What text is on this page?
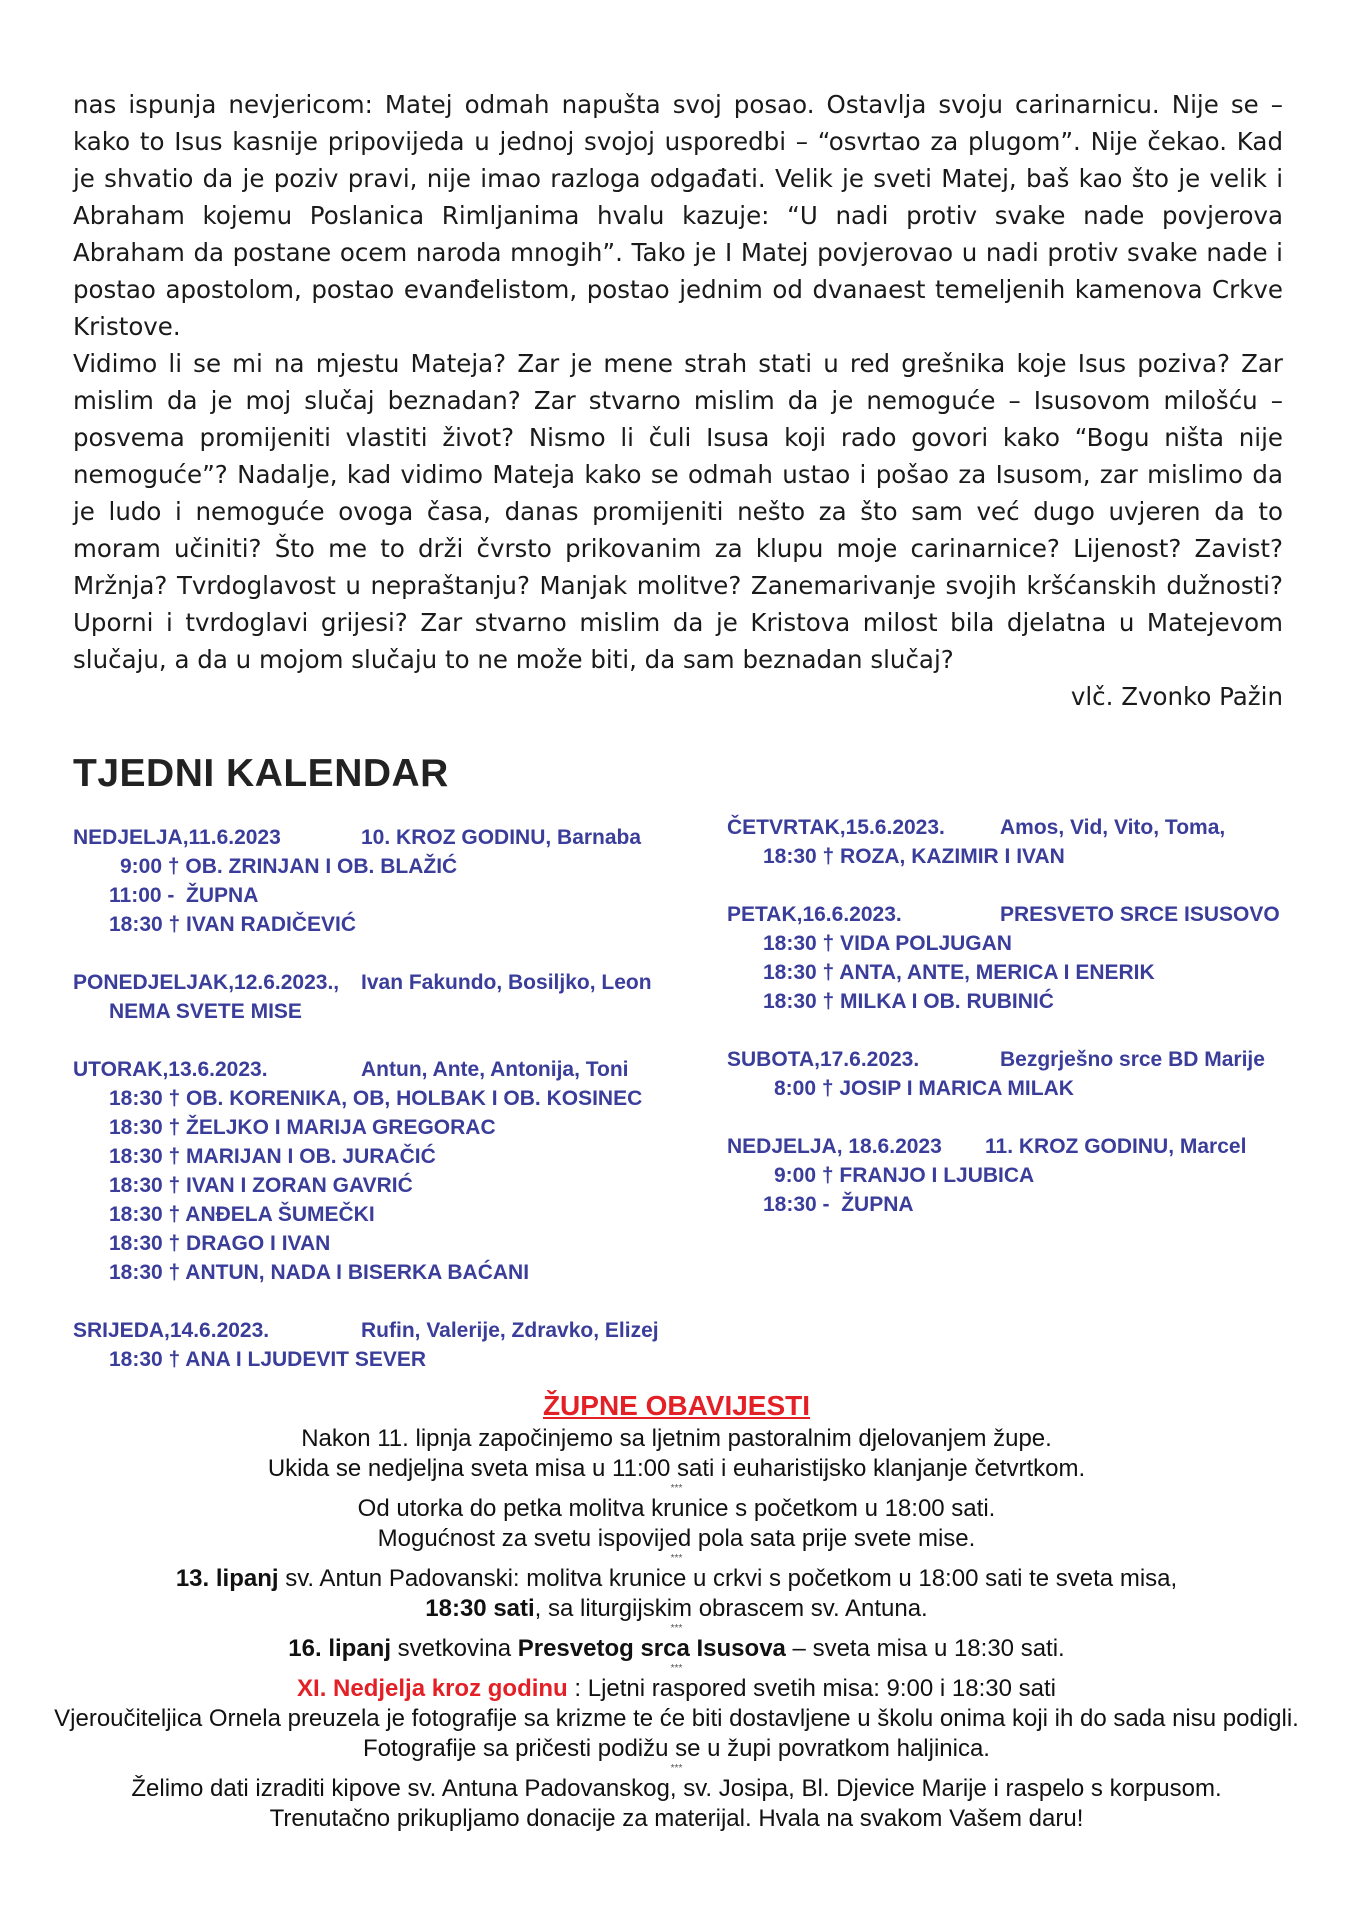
nas ispunja nevjericom: Matej odmah napušta svoj posao. Ostavlja svoju carinarnicu. Nije se – kako to Isus kasnije pripovijeda u jednoj svojoj usporedbi – “osvrtao za plugom”. Nije čekao. Kad je shvatio da je poziv pravi, nije imao razloga odgađati. Velik je sveti Matej, baš kao što je velik i Abraham kojemu Poslanica Rimljanima hvalu kazuje: “U nadi protiv svake nade povjerova Abraham da postane ocem naroda mnogih”. Tako je I Matej povjerovao u nadi protiv svake nade i postao apostolom, postao evanđelistom, postao jednim od dvanaest temeljenih kamenova Crkve Kristove.

Vidimo li se mi na mjestu Mateja? Zar je mene strah stati u red grešnika koje Isus poziva? Zar mislim da je moj slučaj beznadan? Zar stvarno mislim da je nemoguće – Isusovom milošću – posvema promijeniti vlastiti život? Nismo li čuli Isusa koji rado govori kako “Bogu ništa nije nemoguće”? Nadalje, kad vidimo Mateja kako se odmah ustao i pošao za Isusom, zar mislimo da je ludo i nemoguće ovoga časa, danas promijeniti nešto za što sam već dugo uvjeren da to moram učiniti? Što me to drži čvrsto prikovanim za klupu moje carinarnice? Lijenost? Zavist? Mržnja? Tvrdoglavost u nepraštanju? Manjak molitve? Zanemarivanje svojih kršćanskih dužnosti? Uporni i tvrdoglavi grijesi? Zar stvarno mislim da je Kristova milost bila djelatna u Matejevom slučaju, a da u mojom slučaju to ne može biti, da sam beznadan slučaj?

vlč. Zvonko Pažin

TJEDNI KALENDAR
NEDJELJA,11.6.2023	10. KROZ GODINU, Barnaba
9:00 † OB. ZRINJAN I OB. BLAŽIĆ
11:00 -  ŽUPNA
18:30 † IVAN RADIČEVIĆ
PONEDJELJAK,12.6.2023., Ivan Fakundo, Bosiljko, Leon
NEMA SVETE MISE
UTORAK,13.6.2023.	Antun, Ante, Antonija, Toni
18:30 † OB. KORENIKA, OB, HOLBAK I OB. KOSINEC
18:30 † ŽELJKO I MARIJA GREGORAC
18:30 † MARIJAN I OB. JURAČIĆ
18:30 † IVAN I ZORAN GAVRIĆ
18:30 † ANĐELA ŠUMEČKI
18:30 † DRAGO I IVAN
18:30 † ANTUN, NADA I BISERKA BAĆANI
SRIJEDA,14.6.2023.	Rufin, Valerije, Zdravko, Elizej
18:30 † ANA I LJUDEVIT SEVER
ČETVRTAK,15.6.2023.	Amos, Vid, Vito, Toma,
18:30 † ROZA, KAZIMIR I IVAN
PETAK,16.6.2023.	PRESVETO SRCE ISUSOVO
18:30 † VIDA POLJUGAN
18:30 † ANTA, ANTE, MERICA I ENERIK
18:30 † MILKA I OB. RUBINIĆ
SUBOTA,17.6.2023.	Bezgrješno srce BD Marije
8:00 † JOSIP I MARICA MILAK
NEDJELJA, 18.6.2023 11. KROZ GODINU, Marcel
9:00 † FRANJO I LJUBICA
18:30 -  ŽUPNA
ŽUPNE OBAVIJESTI
Nakon 11. lipnja započinjemo sa ljetnim pastoralnim djelovanjem župe.
Ukida se nedjeljna sveta misa u 11:00 sati i euharistijsko klanjanje četvrtkom.
***
Od utorka do petka molitva krunice s početkom u 18:00 sati.
Mogućnost za svetu ispovijed pola sata prije svete mise.
***
13. lipanj sv. Antun Padovanski: molitva krunice u crkvi s početkom u 18:00 sati te sveta misa,
18:30 sati, sa liturgijskim obrascem sv. Antuna.
***
16. lipanj svetkovina Presvetog srca Isusova – sveta misa u 18:30 sati.
***
XI. Nedjelja kroz godinu : Ljetni raspored svetih misa: 9:00 i 18:30 sati
Vjeroučiteljica Ornela preuzela je fotografije sa krizme te će biti dostavljene u školu onima koji ih do sada nisu podigli.
Fotografije sa pričesti podižu se u župi povratkom haljinica.
***
Želimo dati izraditi kipove sv. Antuna Padovanskog, sv. Josipa, Bl. Djevice Marije i raspelo s korpusom.
Trenutačno prikupljamo donacije za materijal. Hvala na svakom Vašem daru!
